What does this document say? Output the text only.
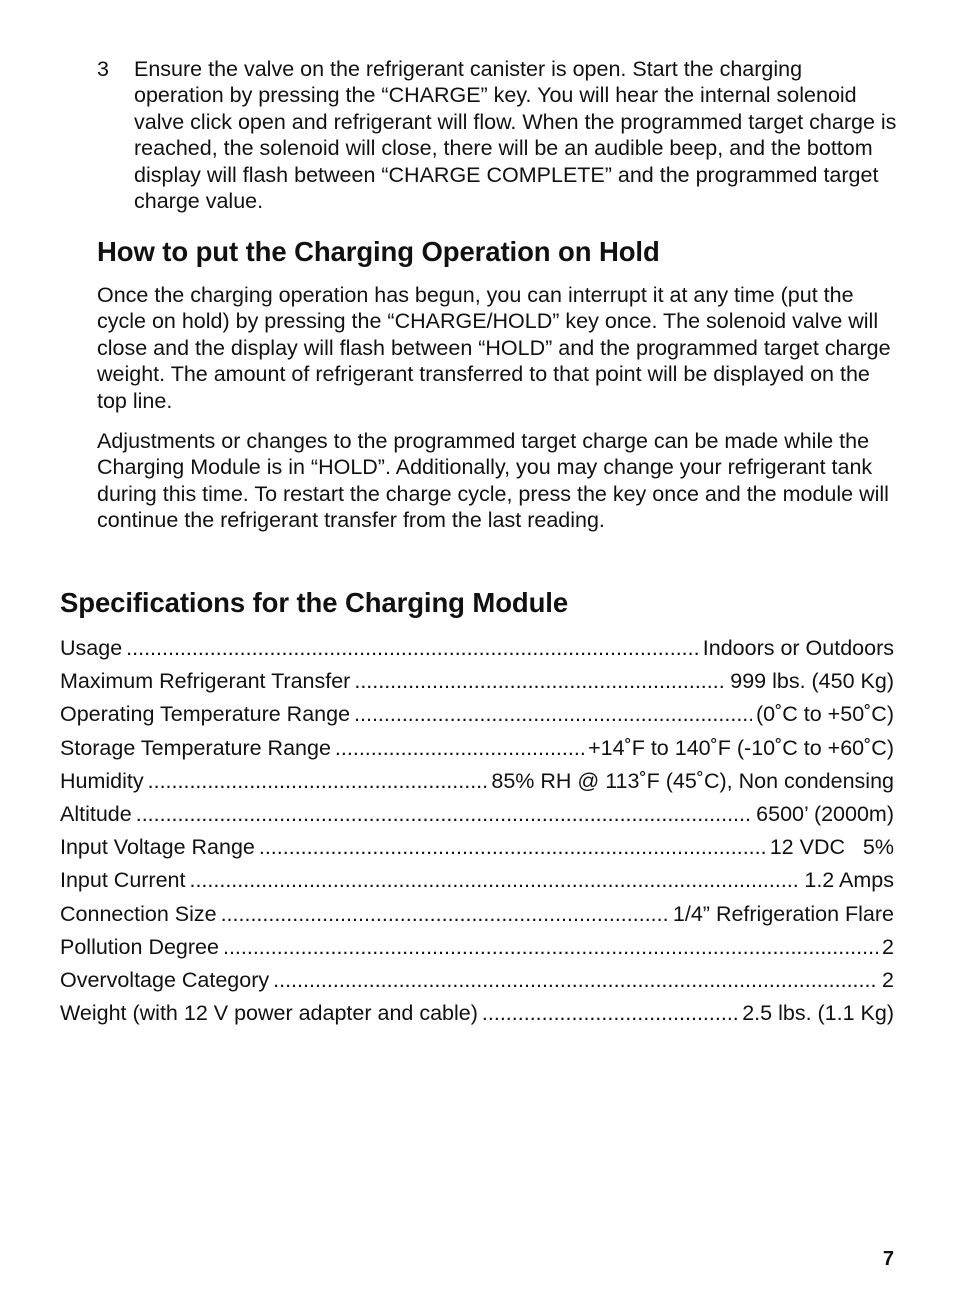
3 Ensure the valve on the refrigerant canister is open. Start the charging operation by pressing the “CHARGE” key. You will hear the internal solenoid valve click open and refrigerant will flow. When the programmed target charge is reached, the solenoid will close, there will be an audible beep, and the bottom display will flash between “CHARGE COMPLETE” and the programmed target charge value.
How to put the Charging Operation on Hold

Once the charging operation has begun, you can interrupt it at any time (put the cycle on hold) by pressing the “CHARGE/HOLD” key once. The solenoid valve will close and the display will flash between “HOLD” and the programmed target charge weight. The amount of refrigerant transferred to that point will be displayed on the top line.

Adjustments or changes to the programmed target charge can be made while the Charging Module is in “HOLD”. Additionally, you may change your refrigerant tank during this time. To restart the charge cycle, press the key once and the module will continue the refrigerant transfer from the last reading.

Specifications for the Charging Module
Usage .....	Indoors or Outdoors
Maximum Refrigerant Transfer .....	999 lbs. (450 Kg)
Operating Temperature Range .....	(0˚C to +50˚C)
Storage Temperature Range .....	+14˚F to 140˚F (-10˚C to +60˚C)
Humidity .....	85% RH @ 113˚F (45˚C), Non condensing
Altitude .....	6500’ (2000m)
Input Voltage Range .....	12 VDC   5%
Input Current .....	1.2 Amps
Connection Size .....	1/4” Refrigeration Flare
Pollution Degree .....	2
Overvoltage Category .....	2
Weight (with 12 V power adapter and cable) .....	2.5 lbs. (1.1 Kg)
7
